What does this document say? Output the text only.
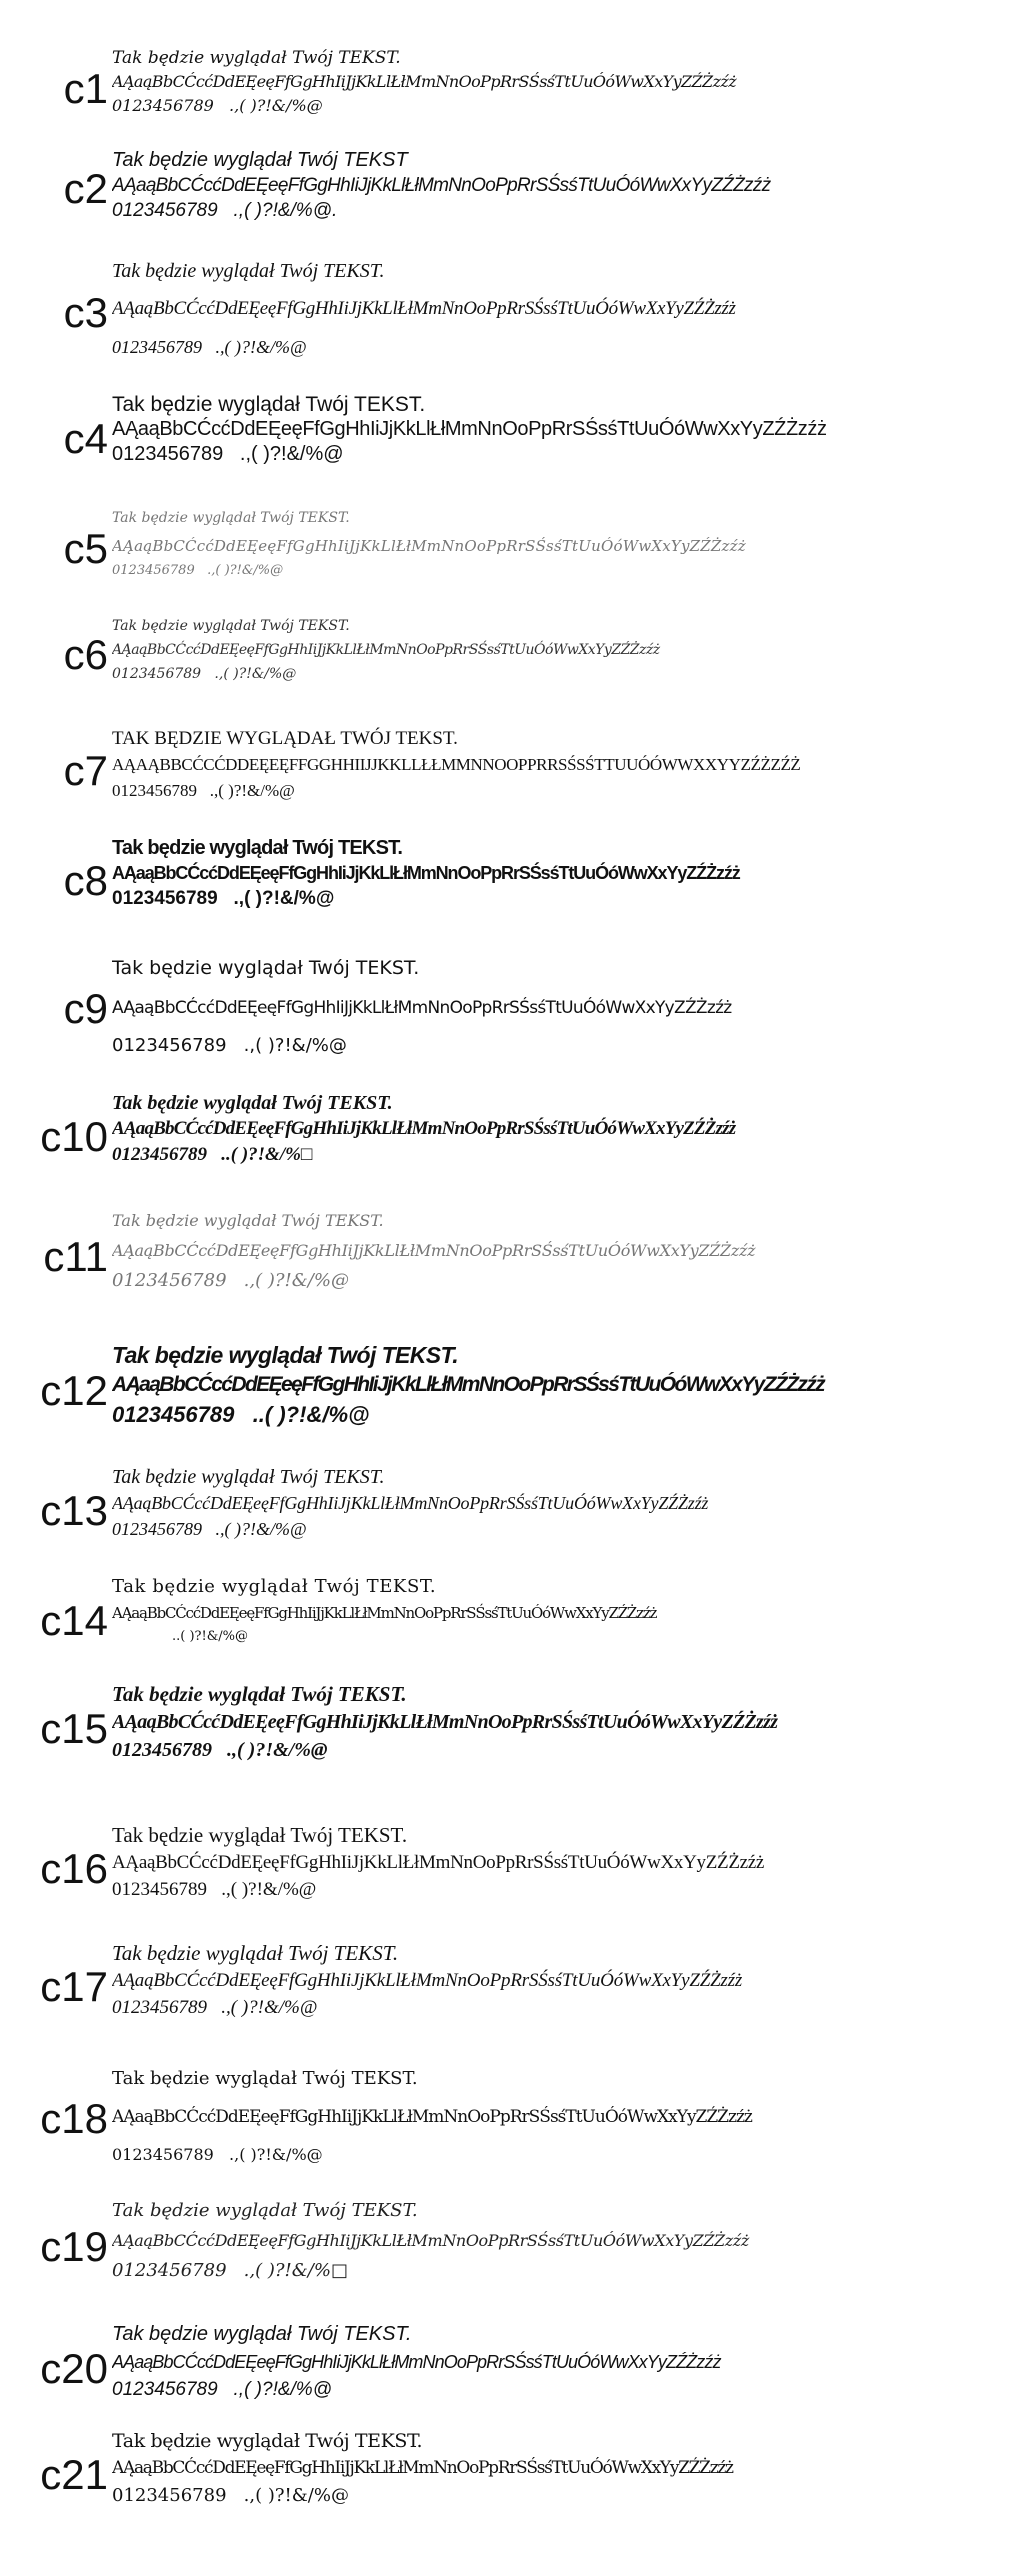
c1
Tak będzie wyglądał Twój TEKST.
AĄaąBbCĆcćDdEĘeęFfGgHhIiJjKkLlŁłMmNnOoPpRrSŚsśTtUuÓóWwXxYyZŹŻzźż
0123456789   .,( )?!&/%@
c2
Tak będzie wyglądał Twój TEKST
AĄaąBbCĆcćDdEĘeęFfGgHhIiJjKkLlŁłMmNnOoPpRrSŚsśTtUuÓóWwXxYyZŹŻzźż
0123456789   .,( )?!&/%@.
c3
Tak będzie wyglądał Twój TEKST.
AĄaąBbCĆcćDdEĘeęFfGgHhIiJjKkLlŁłMmNnOoPpRrSŚsśTtUuÓóWwXxYyZŹŻzźż
0123456789   .,( )?!&/%@
c4
Tak będzie wyglądał Twój TEKST.
AĄaąBbCĆcćDdEĘeęFfGgHhIiJjKkLlŁłMmNnOoPpRrSŚsśTtUuÓóWwXxYyZŹŻzźż
0123456789   .,( )?!&/%@
c5
Tak będzie wyglądał Twój TEKST.
AĄaąBbCĆcćDdEĘeęFfGgHhIiJjKkLlŁłMmNnOoPpRrSŚsśTtUuÓóWwXxYyZŹŻzźż
0123456789   .,( )?!&/%@
c6
Tak będzie wyglądał Twój TEKST.
AĄaąBbCĆcćDdEĘeęFfGgHhIiJjKkLlŁłMmNnOoPpRrSŚsśTtUuÓóWwXxYyZŹŻzźż
0123456789   .,( )?!&/%@
c7
TAK BĘDZIE WYGLĄDAŁ TWÓJ TEKST.
AĄAĄBBCĆCĆDDEĘEĘFFGGHHIIJJKKLLŁŁMMNNOOPPRRSŚSŚTTUUÓÓWWXXYYZŹŻZŹŻ
0123456789   .,( )?!&/%@
c8
Tak będzie wyglądał Twój TEKST.
AĄaąBbCĆcćDdEĘeęFfGgHhIiJjKkLlŁłMmNnOoPpRrSŚsśTtUuÓóWwXxYyZŹŻzźż
0123456789   .,( )?!&/%@
c9
Tak będzie wyglądał Twój TEKST.
AĄaąBbCĆcćDdEĘeęFfGgHhIiJjKkLlŁłMmNnOoPpRrSŚsśTtUuÓóWwXxYyZŹŻzźż
0123456789   .,( )?!&/%@
c10
Tak będzie wyglądał Twój TEKST.
AĄaąBbCĆcćDdEĘeęFfGgHhIiJjKkLlŁłMmNnOoPpRrSŚsśTtUuÓóWwXxYyZŹŻzźż
0123456789   ..( )?!&/%□
c11
Tak będzie wyglądał Twój TEKST.
AĄaąBbCĆcćDdEĘeęFfGgHhIiJjKkLlŁłMmNnOoPpRrSŚsśTtUuÓóWwXxYyZŹŻzźż
0123456789   .,( )?!&/%@
c12
Tak będzie wyglądał Twój TEKST.
AĄaąBbCĆcćDdEĘeęFfGgHhIiJjKkLlŁłMmNnOoPpRrSŚsśTtUuÓóWwXxYyZŹŻzźż
0123456789   ..( )?!&/%@
c13
Tak będzie wyglądał Twój TEKST.
AĄaąBbCĆcćDdEĘeęFfGgHhIiJjKkLlŁłMmNnOoPpRrSŚsśTtUuÓóWwXxYyZŹŻzźż
0123456789   .,( )?!&/%@
c14
Tak będzie wyglądał Twój TEKST.
AĄaąBbCĆcćDdEĘeęFfGgHhIiJjKkLlŁłMmNnOoPpRrSŚsśTtUuÓóWwXxYyZŹŻzźż
..( )?!&/%@
c15
Tak będzie wyglądał Twój TEKST.
AĄaąBbCĆcćDdEĘeęFfGgHhIiJjKkLlŁłMmNnOoPpRrSŚsśTtUuÓóWwXxYyZŹŻzźż
0123456789   .,( )?!&/%@
c16
Tak będzie wyglądał Twój TEKST.
AĄaąBbCĆcćDdEĘeęFfGgHhIiJjKkLlŁłMmNnOoPpRrSŚsśTtUuÓóWwXxYyZŹŻzźż
0123456789   .,( )?!&/%@
c17
Tak będzie wyglądał Twój TEKST.
AĄaąBbCĆcćDdEĘeęFfGgHhIiJjKkLlŁłMmNnOoPpRrSŚsśTtUuÓóWwXxYyZŹŻzźż
0123456789   .,( )?!&/%@
c18
Tak będzie wyglądał Twój TEKST.
AĄaąBbCĆcćDdEĘeęFfGgHhIiJjKkLlŁłMmNnOoPpRrSŚsśTtUuÓóWwXxYyZŹŻzźż
0123456789   .,( )?!&/%@
c19
Tak będzie wyglądał Twój TEKST.
AĄaąBbCĆcćDdEĘeęFfGgHhIiJjKkLlŁłMmNnOoPpRrSŚsśTtUuÓóWwXxYyZŹŻzźż
0123456789   .,( )?!&/%□
c20
Tak będzie wyglądał Twój TEKST.
AĄaąBbCĆcćDdEĘeęFfGgHhIiJjKkLlŁłMmNnOoPpRrSŚsśTtUuÓóWwXxYyZŹŻzźż
0123456789   .,( )?!&/%@
c21
Tak będzie wyglądał Twój TEKST.
AĄaąBbCĆcćDdEĘeęFfGgHhIiJjKkLlŁłMmNnOoPpRrSŚsśTtUuÓóWwXxYyZŹŻzźż
0123456789   .,( )?!&/%@
